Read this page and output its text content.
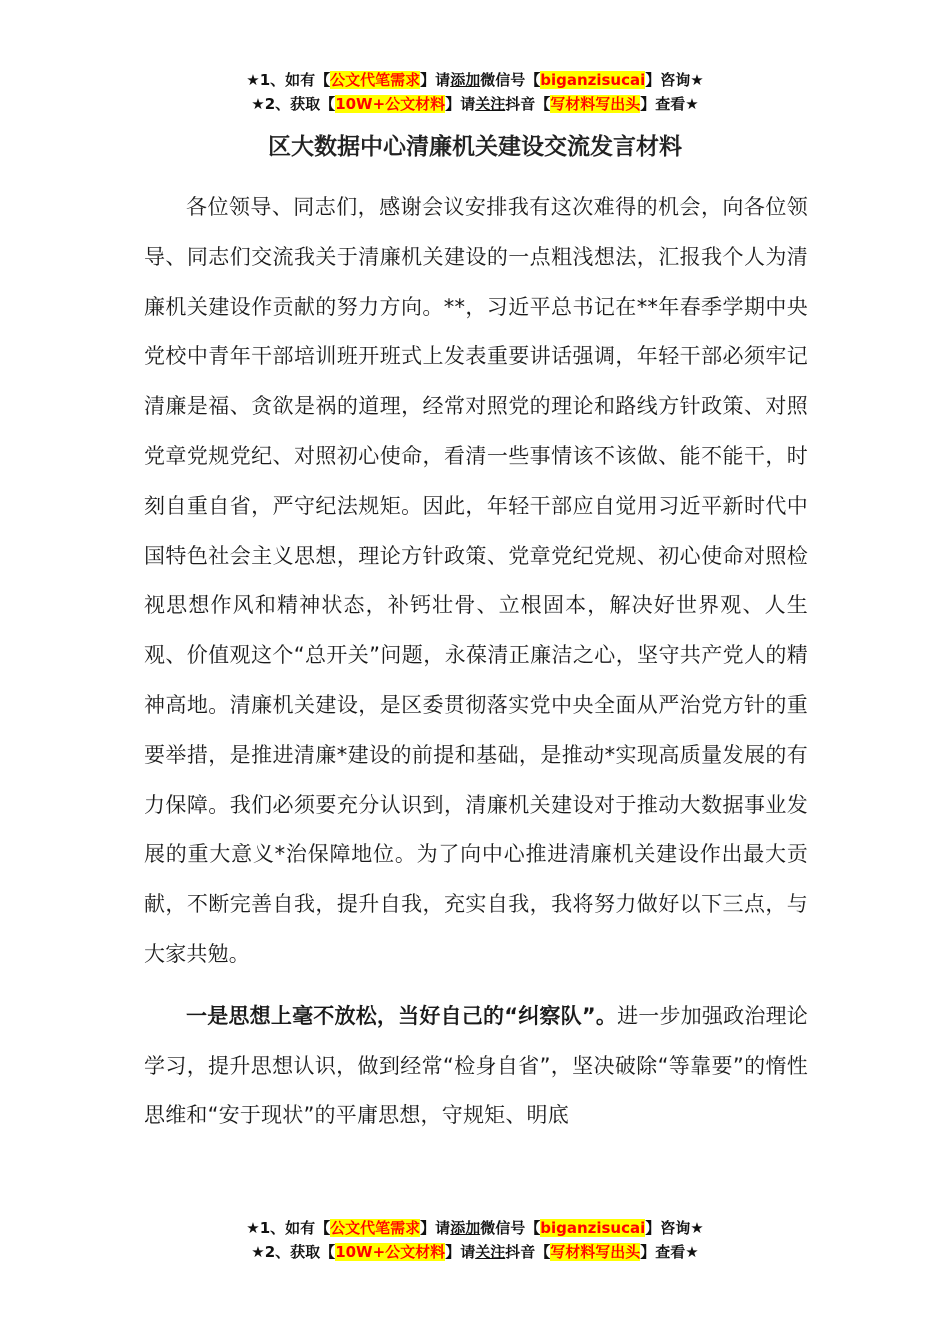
★1、如有【公文代笔需求】请添加微信号【biganzisucai】咨询★
★2、获取【10W+公文材料】请关注抖音【写材料写出头】查看★
区大数据中心清廉机关建设交流发言材料

各位领导、同志们，感谢会议安排我有这次难得的机会，向各位领导、同志们交流我关于清廉机关建设的一点粗浅想法，汇报我个人为清廉机关建设作贡献的努力方向。**，习近平总书记在**年春季学期中央党校中青年干部培训班开班式上发表重要讲话强调，年轻干部必须牢记清廉是福、贪欲是祸的道理，经常对照党的理论和路线方针政策、对照党章党规党纪、对照初心使命，看清一些事情该不该做、能不能干，时刻自重自省，严守纪法规矩。因此，年轻干部应自觉用习近平新时代中国特色社会主义思想，理论方针政策、党章党纪党规、初心使命对照检视思想作风和精神状态，补钙壮骨、立根固本，解决好世界观、人生观、价值观这个“总开关”问题，永葆清正廉洁之心，坚守共产党人的精神高地。清廉机关建设，是区委贯彻落实党中央全面从严治党方针的重要举措，是推进清廉*建设的前提和基础，是推动*实现高质量发展的有力保障。我们必须要充分认识到，清廉机关建设对于推动大数据事业发展的重大意义*治保障地位。为了向中心推进清廉机关建设作出最大贡献，不断完善自我，提升自我，充实自我，我将努力做好以下三点，与大家共勉。

一是思想上毫不放松，当好自己的“纠察队”。进一步加强政治理论学习，提升思想认识，做到经常“检身自省”，坚决破除“等靠要”的惰性思维和“安于现状”的平庸思想，守规矩、明底

★1、如有【公文代笔需求】请添加微信号【biganzisucai】咨询★
★2、获取【10W+公文材料】请关注抖音【写材料写出头】查看★
